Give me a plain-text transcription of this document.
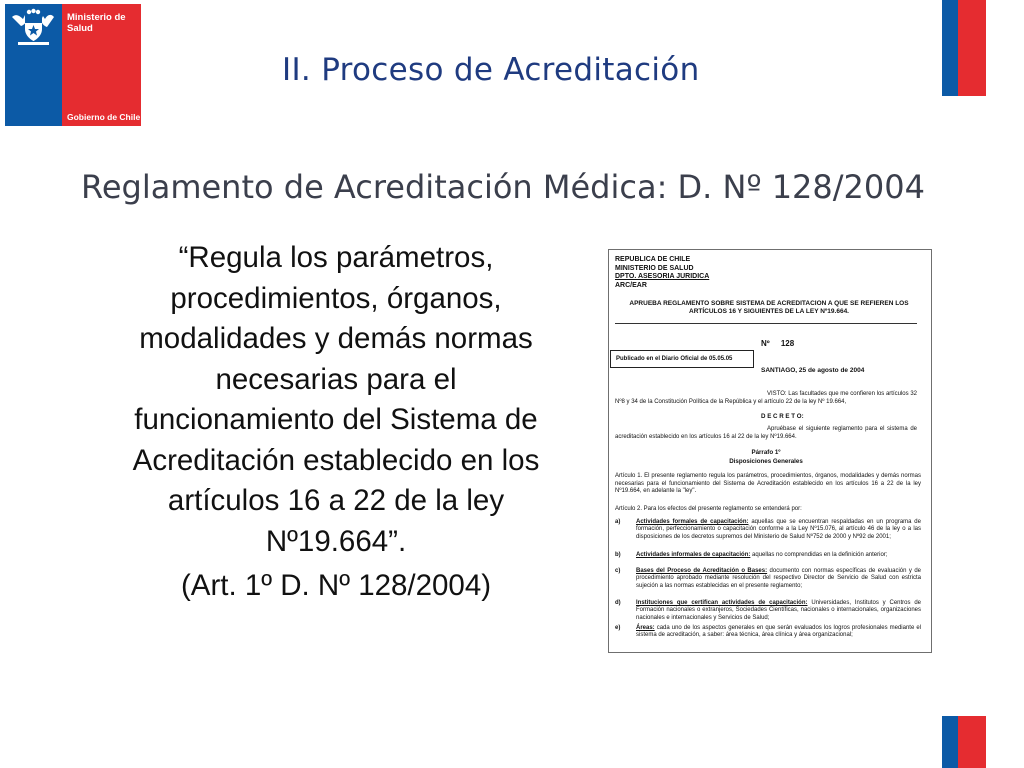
Ministerio de
Salud
Gobierno de Chile
II. Proceso de Acreditación
Reglamento de Acreditación Médica: D. Nº 128/2004
“Regula los parámetros,
procedimientos, órganos,
modalidades y demás normas
necesarias para el
funcionamiento del Sistema de
Acreditación establecido en los
artículos 16 a 22 de la ley
Nº19.664”.
(Art. 1º D. Nº 128/2004)
REPUBLICA DE CHILE
MINISTERIO DE SALUD
DPTO. ASESORIA JURIDICA
ARC/EAR
APRUEBA REGLAMENTO SOBRE SISTEMA DE ACREDITACION A QUE SE REFIEREN LOS ARTÍCULOS 16 Y SIGUIENTES DE LA LEY Nº19.664.
Nº 128
Publicado en el Diario Oficial de 05.05.05
SANTIAGO, 25 de agosto de 2004
VISTO: Las facultades que me confieren los artículos 32 Nº8 y 34 de la Constitución Política de la República y el artículo 22 de la ley Nº 19.664,
D E C R E T O:
Apruébase el siguiente reglamento para el sistema de acreditación establecido en los artículos 16 al 22 de la ley Nº19.664.
Párrafo 1º
Disposiciones Generales
Artículo 1. El presente reglamento regula los parámetros, procedimientos, órganos, modalidades y demás normas necesarias para el funcionamiento del Sistema de Acreditación establecido en los artículos 16 a 22 de la ley Nº19.664, en adelante la "ley".
Artículo 2. Para los efectos del presente reglamento se entenderá por:
a)	Actividades formales de capacitación: aquellas que se encuentran respaldadas en un programa de formación, perfeccionamiento o capacitación conforme a la Ley Nº15.076, al artículo 46 de la ley o a las disposiciones de los decretos supremos del Ministerio de Salud Nº752 de 2000 y Nº92 de 2001;
b)	Actividades informales de capacitación: aquellas no comprendidas en la definición anterior;
c)	Bases del Proceso de Acreditación o Bases: documento con normas específicas de evaluación y de procedimiento aprobado mediante resolución del respectivo Director de Servicio de Salud con estricta sujeción a las normas establecidas en el presente reglamento;
d)	Instituciones que certifican actividades de capacitación: Universidades, Institutos y Centros de Formación nacionales o extranjeros, Sociedades Científicas, nacionales o internacionales, organizaciones nacionales e internacionales y Servicios de Salud;
e)	Áreas: cada uno de los aspectos generales en que serán evaluados los logros profesionales mediante el sistema de acreditación, a saber: área técnica, área clínica y área organizacional;
